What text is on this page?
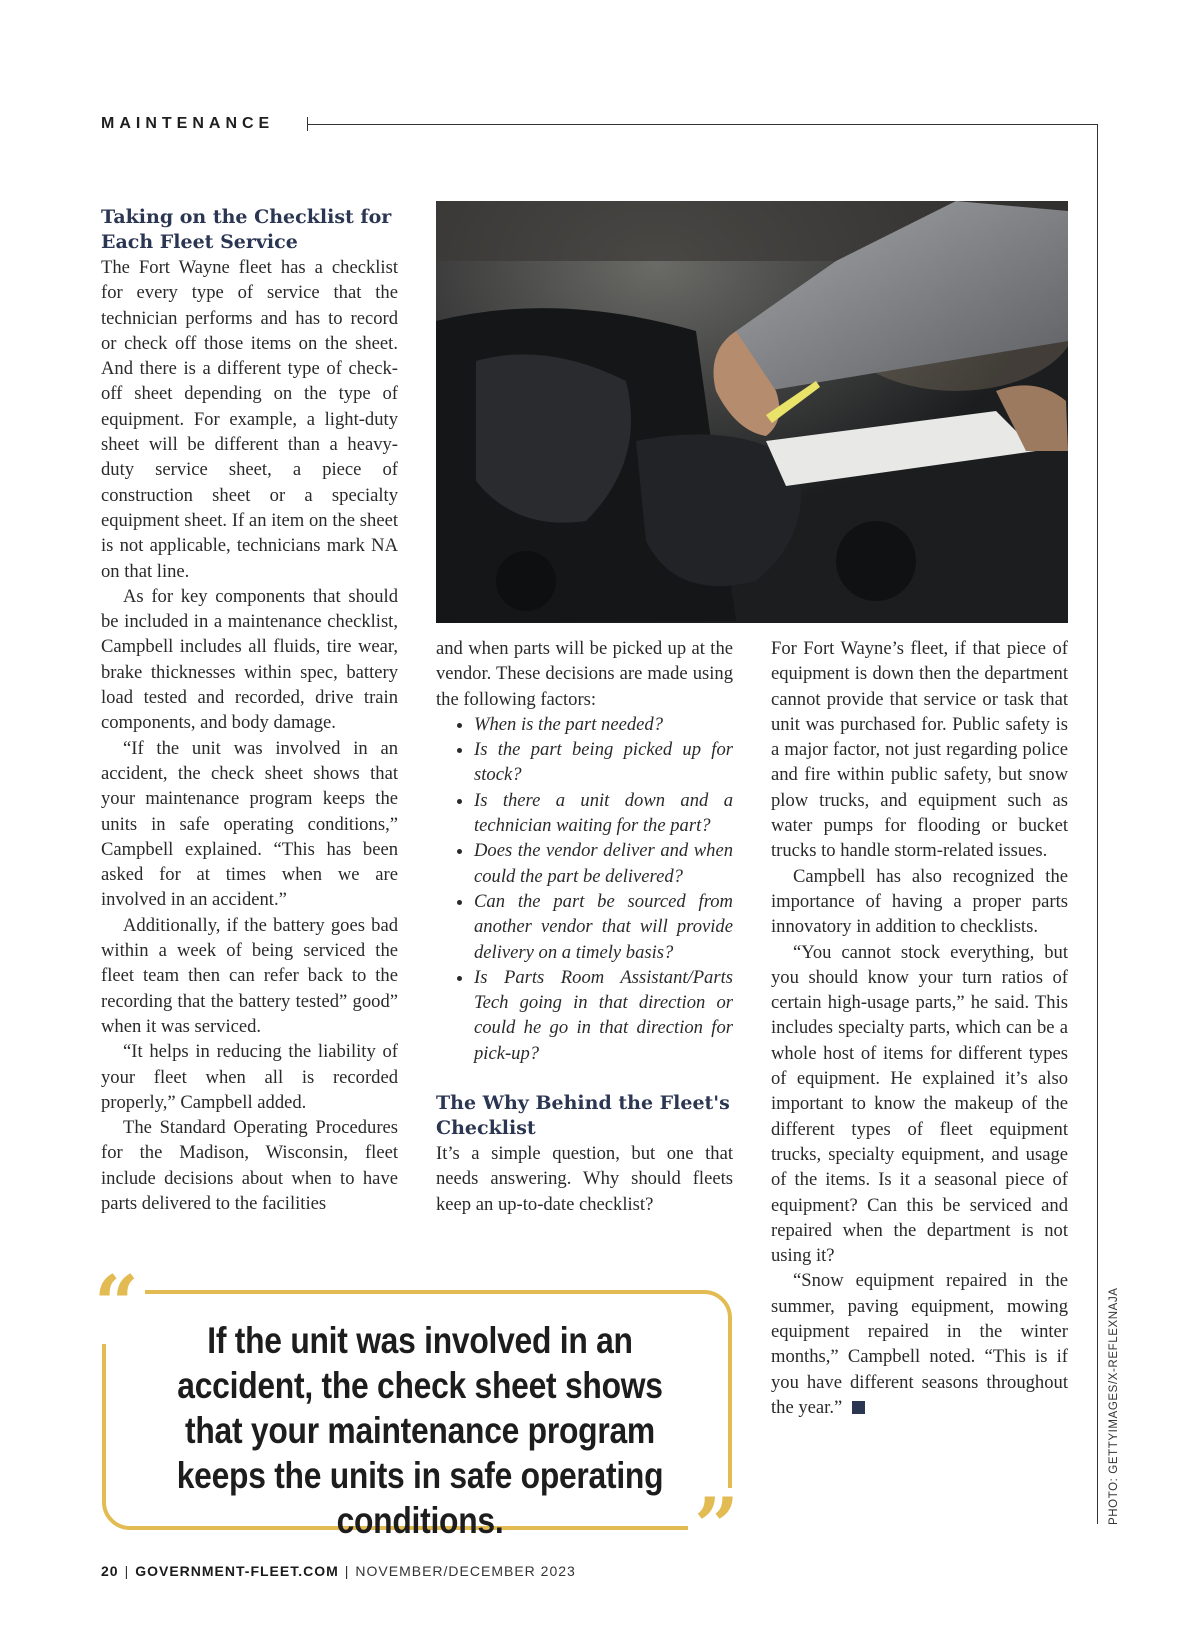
MAINTENANCE
Taking on the Checklist for Each Fleet Service

The Fort Wayne fleet has a checklist for every type of service that the technician performs and has to record or check off those items on the sheet. And there is a different type of check-off sheet depending on the type of equipment. For example, a light-duty sheet will be different than a heavy-duty service sheet, a piece of construction sheet or a specialty equipment sheet. If an item on the sheet is not applicable, technicians mark NA on that line.

As for key components that should be included in a maintenance checklist, Campbell includes all fluids, tire wear, brake thicknesses within spec, battery load tested and recorded, drive train components, and body damage.

“If the unit was involved in an accident, the check sheet shows that your maintenance program keeps the units in safe operating conditions,” Campbell explained. “This has been asked for at times when we are involved in an accident.”

Additionally, if the battery goes bad within a week of being serviced the fleet team then can refer back to the recording that the battery tested” good” when it was serviced.

“It helps in reducing the liability of your fleet when all is recorded properly,” Campbell added.

The Standard Operating Procedures for the Madison, Wisconsin, fleet include decisions about when to have parts delivered to the facilities

and when parts will be picked up at the vendor. These decisions are made using the following factors:

• When is the part needed?
• Is the part being picked up for stock?
• Is there a unit down and a technician waiting for the part?
• Does the vendor deliver and when could the part be delivered?
• Can the part be sourced from another vendor that will provide delivery on a timely basis?
• Is Parts Room Assistant/Parts Tech going in that direction or could he go in that direction for pick-up?
The Why Behind the Fleet's Checklist

It’s a simple question, but one that needs answering. Why should fleets keep an up-to-date checklist?

For Fort Wayne’s fleet, if that piece of equipment is down then the department cannot provide that service or task that unit was purchased for. Public safety is a major factor, not just regarding police and fire within public safety, but snow plow trucks, and equipment such as water pumps for flooding or bucket trucks to handle storm-related issues.

Campbell has also recognized the importance of having a proper parts innovatory in addition to checklists.

“You cannot stock everything, but you should know your turn ratios of certain high-usage parts,” he said. This includes specialty parts, which can be a whole host of items for different types of equipment. He explained it’s also important to know the makeup of the different types of fleet equipment trucks, specialty equipment, and usage of the items. Is it a seasonal piece of equipment? Can this be serviced and repaired when the department is not using it?

“Snow equipment repaired in the summer, paving equipment, mowing equipment repaired in the winter months,” Campbell noted. “This is if you have different seasons throughout the year.”

“
”
If the unit was involved in an accident, the check sheet shows that your maintenance program keeps the units in safe operating conditions.	PHOTO: GETTYIMAGES/X-REFLEXNAJA
20 | GOVERNMENT-FLEET.COM | NOVEMBER/DECEMBER 2023
